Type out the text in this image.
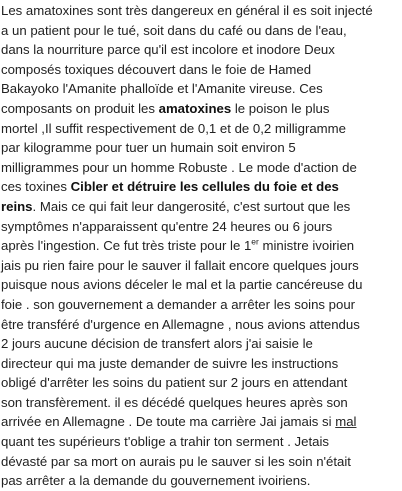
Les amatoxines sont très dangereux en général il es soit injecté
a un patient pour le tué, soit dans du café ou dans de l'eau,
dans la nourriture parce qu'il est incolore et inodore Deux
composés toxiques découvert dans le foie de Hamed
Bakayoko l'Amanite phalloïde et l'Amanite vireuse. Ces
composants on produit les amatoxines le poison le plus
mortel ,Il suffit respectivement de 0,1 et de 0,2 milligramme
par kilogramme pour tuer un humain soit environ 5
milligrammes pour un homme Robuste . Le mode d'action de
ces toxines Cibler et détruire les cellules du foie et des
reins. Mais ce qui fait leur dangerosité, c'est surtout que les
symptômes n'apparaissent qu'entre 24 heures ou 6 jours
après l'ingestion. Ce fut très triste pour le 1er ministre ivoirien
jais pu rien faire pour le sauver il fallait encore quelques jours
puisque nous avions déceler le mal et la partie cancéreuse du
foie . son gouvernement a demander a arrêter les soins pour
être transféré d'urgence en Allemagne , nous avions attendus
2 jours aucune décision de transfert alors j'ai saisie le
directeur qui ma juste demander de suivre les instructions
obligé d'arrêter les soins du patient sur 2 jours en attendant
son transfèrement. il es décédé quelques heures après son
arrivée en Allemagne . De toute ma carrière Jai jamais si mal
quant tes supérieurs t'oblige a trahir ton serment . Jetais
dévasté par sa mort on aurais pu le sauver si les soin n'était
pas arrêter a la demande du gouvernement ivoiriens.
